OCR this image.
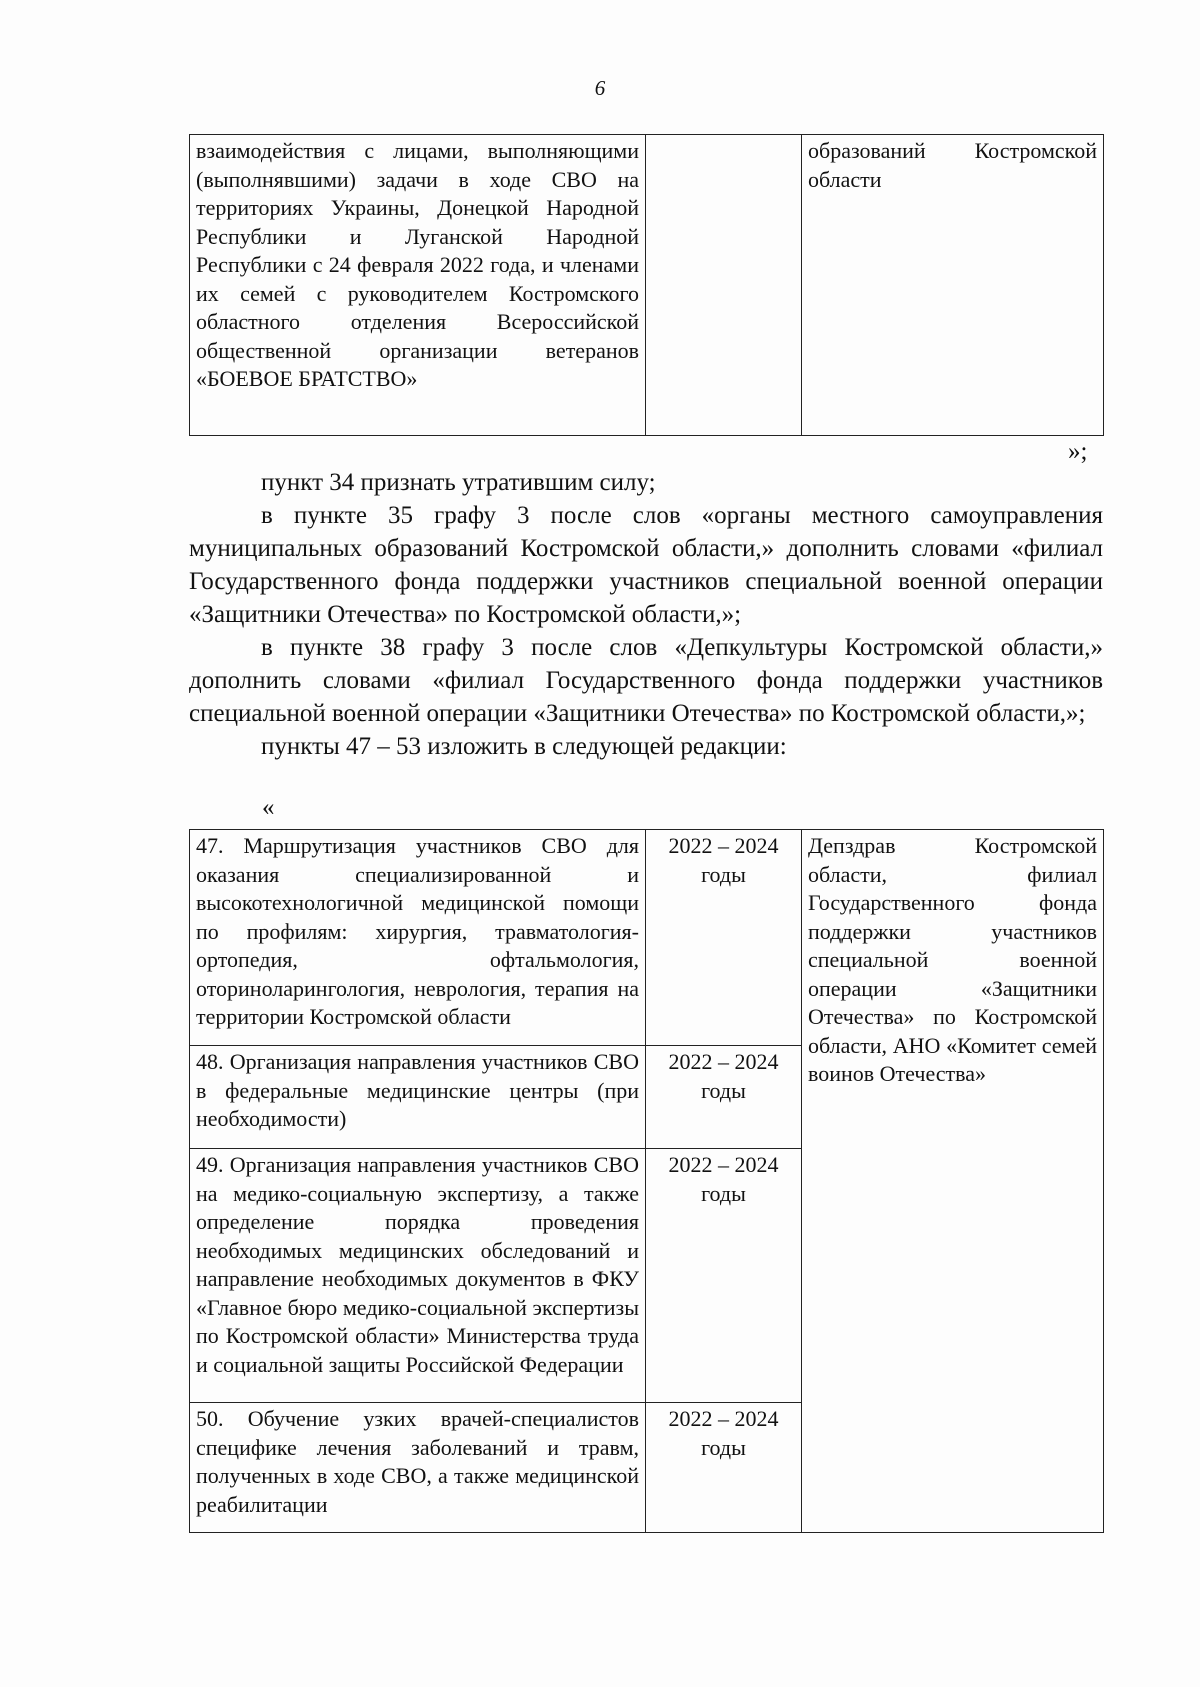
6
взаимодействия с лицами, выполняющими (выполнявшими) задачи в ходе СВО на территориях Украины, Донецкой Народной Республики и Луганской Народной Республики с 24 февраля 2022 года, и членами их семей с руководителем Костромского областного отделения Всероссийской общественной организации ветеранов «БОЕВОЕ БРАТСТВО»		образований Костромской области
»;

пункт 34 признать утратившим силу;

в пункте 35 графу 3 после слов «органы местного самоуправления муниципальных образований Костромской области,» дополнить словами «филиал Государственного фонда поддержки участников специальной военной операции «Защитники Отечества» по Костромской области,»;

в пункте 38 графу 3 после слов «Депкультуры Костромской области,» дополнить словами «филиал Государственного фонда поддержки участников специальной военной операции «Защитники Отечества» по Костромской области,»;

пункты 47 – 53 изложить в следующей редакции:

«
47. Маршрутизация участников СВО для оказания специализированной и высокотехнологичной медицинской помощи по профилям: хирургия, травматология-ортопедия, офтальмология, оториноларингология, неврология, терапия на территории Костромской области	2022 – 2024 годы	Депздрав Костромской области, филиал Государственного фонда поддержки участников специальной военной операции «Защитники Отечества» по Костромской области, АНО «Комитет семей воинов Отечества»
48. Организация направления участников СВО в федеральные медицинские центры (при необходимости)	2022 – 2024 годы	
49. Организация направления участников СВО на медико-социальную экспертизу, а также определение порядка проведения необходимых медицинских обследований и направление необходимых документов в ФКУ «Главное бюро медико-социальной экспертизы по Костромской области» Министерства труда и социальной защиты Российской Федерации	2022 – 2024 годы	
50. Обучение узких врачей-специалистов специфике лечения заболеваний и травм, полученных в ходе СВО, а также медицинской реабилитации	2022 – 2024 годы	
